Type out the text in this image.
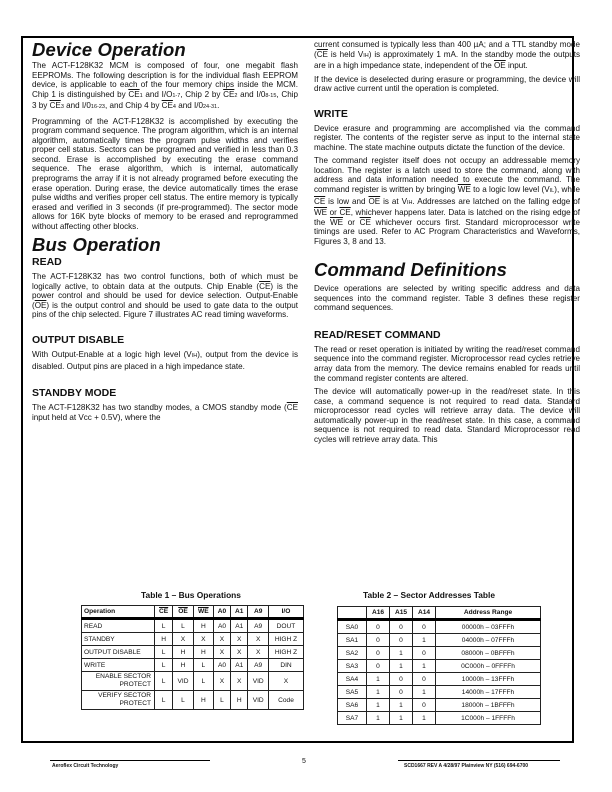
Device Operation

The ACT-F128K32 MCM is composed of four, one megabit flash EEPROMs. The following description is for the individual flash EEPROM device, is applicable to each of the four memory chips inside the MCM. Chip 1 is distinguished by $\overline{CE}1$ and I/O1-7, Chip 2 by $\overline{CE}2$ and I/08-15, Chip 3 by $\overline{CE}3$ and I/016-23, and Chip 4 by $\overline{CE}4$ and I/024-31.

Programming of the ACT-F128K32 is accomplished by executing the program command sequence. The program algorithm, which is an internal algorithm, automatically times the program pulse widths and verifies proper cell status. Sectors can be programed and verified in less than 0.3 second. Erase is accomplished by executing the erase command sequence. The erase algorithm, which is internal, automatically preprograms the array if it is not already programed before executing the erase operation. During erase, the device automatically times the erase pulse widths and verifies proper cell status. The entire memory is typically erased and verified in 3 seconds (if pre-programmed). The sector mode allows for 16K byte blocks of memory to be erased and reprogrammed without affecting other blocks.

Bus Operation
READ

The ACT-F128K32 has two control functions, both of which must be logically active, to obtain data at the outputs. Chip Enable $(\overline{CE})$ is the power control and should be used for device selection. Output-Enable $(\overline{OE})$ is the output control and should be used to gate data to the output pins of the chip selected. Figure 7 illustrates AC read timing waveforms.

OUTPUT DISABLE

With Output-Enable at a logic high level (VIH), output from the device is disabled. Output pins are placed in a high impedance state.

STANDBY MODE

The ACT-F128K32 has two standby modes, a CMOS standby mode ($\overline{CE}$ input held at Vcc + 0.5V), where the

current consumed is typically less than 400 µA; and a TTL standby mode ($\overline{CE}$ is held VIH) is approximately 1 mA. In the standby mode the outputs are in a high impedance state, independent of the $\overline{OE}$ input.

If the device is deselected during erasure or programming, the device will draw active current until the operation is completed.

WRITE

Device erasure and programming are accomplished via the command register. The contents of the register serve as input to the internal state machine. The state machine outputs dictate the function of the device.

The command register itself does not occupy an addressable memory location. The register is a latch used to store the command, along with address and data information needed to execute the command. The command register is written by bringing $\overline{WE}$ to a logic low level (VIL), while $\overline{CE}$ is low and $\overline{OE}$ is at VIH. Addresses are latched on the falling edge of $\overline{WE}$ or $\overline{CE}$, whichever happens later. Data is latched on the rising edge of the $\overline{WE}$ or $\overline{CE}$ whichever occurs first. Standard microprocessor write timings are used. Refer to AC Program Characteristics and Waveforms, Figures 3, 8 and 13.

Command Definitions

Device operations are selected by writing specific address and data sequences into the command register. Table 3 defines these register command sequences.

READ/RESET COMMAND

The read or reset operation is initiated by writing the read/reset command sequence into the command register. Microprocessor read cycles retrieve array data from the memory. The device remains enabled for reads until the command register contents are altered.

The device will automatically power-up in the read/reset state. In this case, a command sequence is not required to read data. Standard microprocessor read cycles will retrieve array data. The device will automatically power-up in the read/reset state. In this case, a command sequence is not required to read data. Standard Microprocessor read cycles will retrieve array data. This

Table 1 – Bus Operations
Operation	$\overline{CE}$	$\overline{OE}$	$\overline{WE}$	A0	A1	A9	I/O
READ	L	L	H	A0	A1	A9	DOUT
STANDBY	H	X	X	X	X	X	HIGH Z
OUTPUT DISABLE	L	H	H	X	X	X	HIGH Z
WRITE	L	H	L	A0	A1	A9	DIN
ENABLE SECTOR PROTECT	L	VID	L	X	X	VID	X
VERIFY SECTOR PROTECT	L	L	H	L	H	VID	Code
Table 2 – Sector Addresses Table
	A16	A15	A14	Address Range
SA0	0	0	0	00000h – 03FFFh
SA1	0	0	1	04000h – 07FFFh
SA2	0	1	0	08000h – 0BFFFh
SA3	0	1	1	0C000h – 0FFFFh
SA4	1	0	0	10000h – 13FFFh
SA5	1	0	1	14000h – 17FFFh
SA6	1	1	0	18000h – 1BFFFh
SA7	1	1	1	1C000h – 1FFFFh
Aeroflex Circuit Technology
5
SCD1667 REV A 4/28/97 Plainview NY (516) 694-6700
